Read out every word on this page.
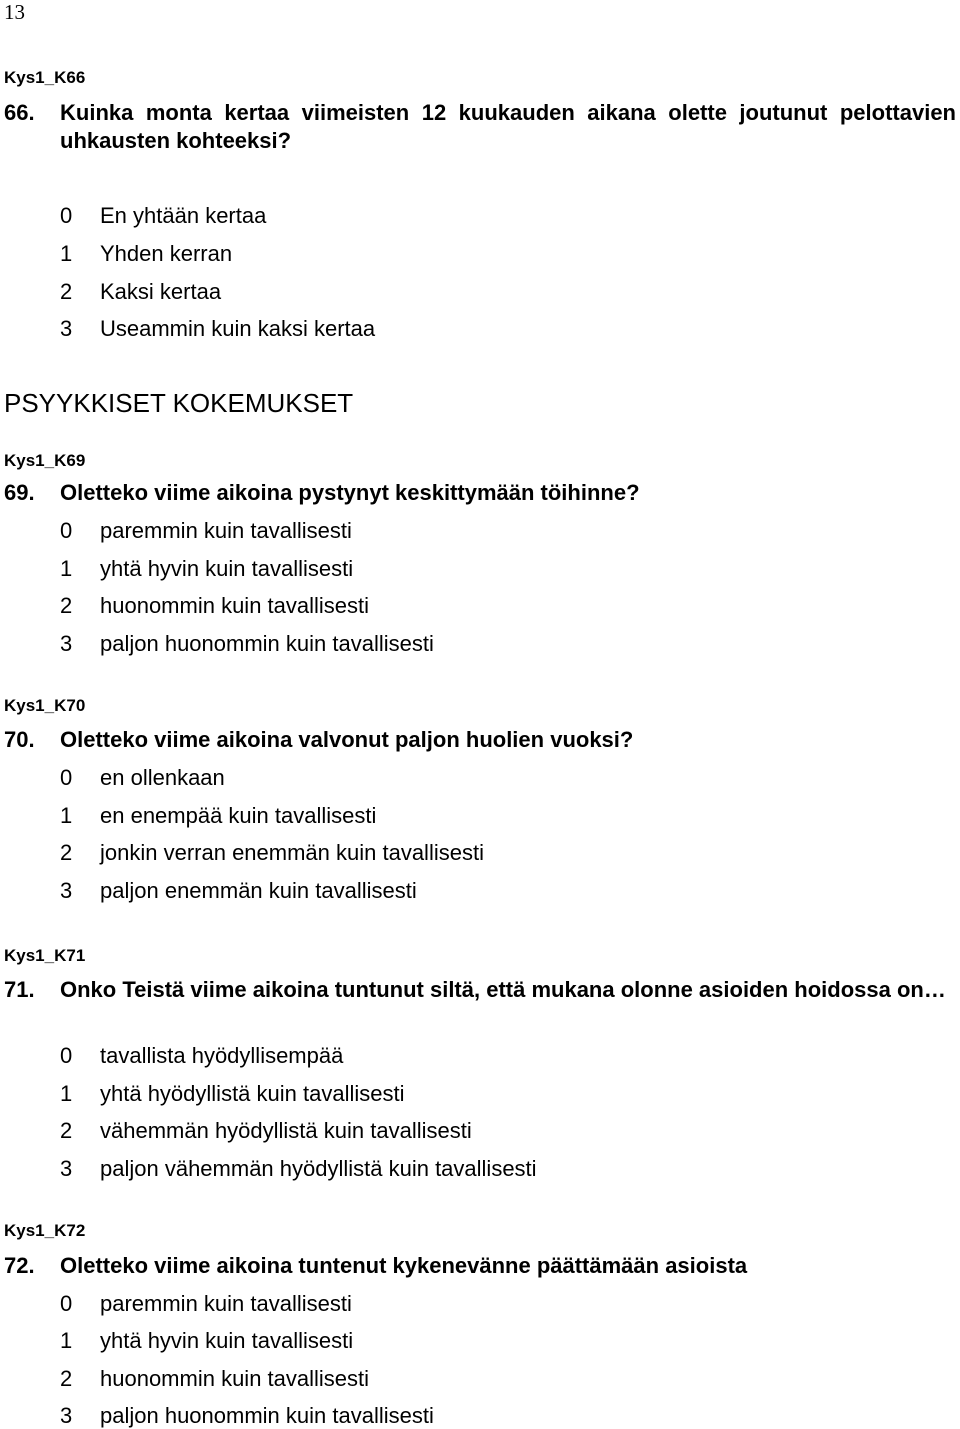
13
Kys1_K66
66. Kuinka monta kertaa viimeisten 12 kuukauden aikana olette joutunut pelottavien uhkausten kohteeksi?
0 En yhtään kertaa
1 Yhden kerran
2 Kaksi kertaa
3 Useammin kuin kaksi kertaa
PSYYKKISET KOKEMUKSET
Kys1_K69
69. Oletteko viime aikoina pystynyt keskittymään töihinne?
0 paremmin kuin tavallisesti
1 yhtä hyvin kuin tavallisesti
2 huonommin kuin tavallisesti
3 paljon huonommin kuin tavallisesti
Kys1_K70
70. Oletteko viime aikoina valvonut paljon huolien vuoksi?
0 en ollenkaan
1 en enempää kuin tavallisesti
2 jonkin verran enemmän kuin tavallisesti
3 paljon enemmän kuin tavallisesti
Kys1_K71
71. Onko Teistä viime aikoina tuntunut siltä, että mukana olonne asioiden hoidossa on…
0 tavallista hyödyllisempää
1 yhtä hyödyllistä kuin tavallisesti
2 vähemmän hyödyllistä kuin tavallisesti
3 paljon vähemmän hyödyllistä kuin tavallisesti
Kys1_K72
72. Oletteko viime aikoina tuntenut kykenevänne päättämään asioista
0 paremmin kuin tavallisesti
1 yhtä hyvin kuin tavallisesti
2 huonommin kuin tavallisesti
3 paljon huonommin kuin tavallisesti
